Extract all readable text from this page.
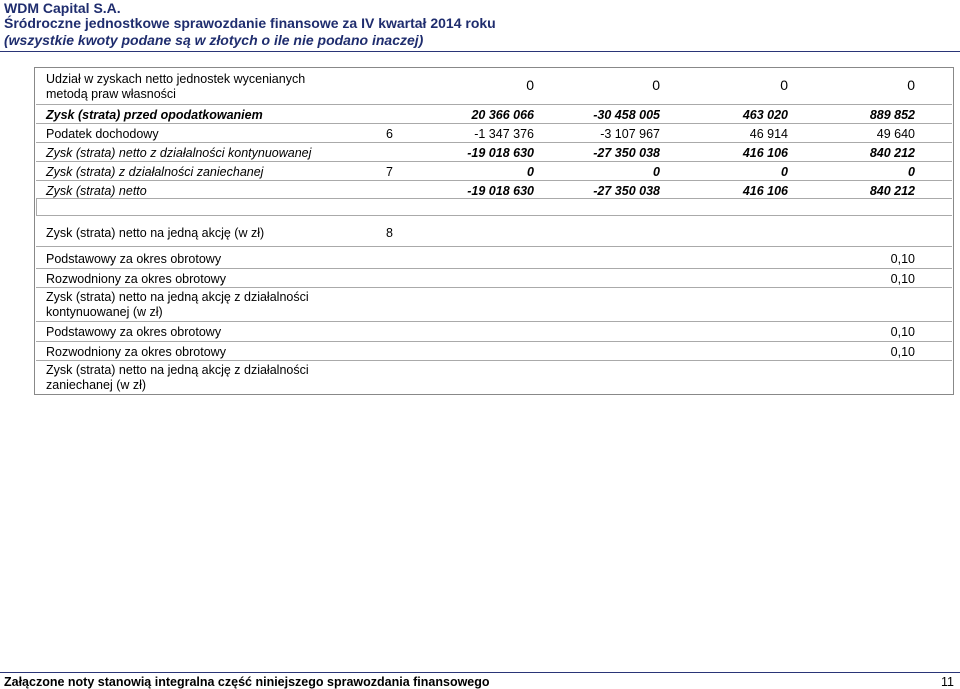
WDM Capital S.A.
Śródroczne jednostkowe sprawozdanie finansowe za IV kwartał 2014 roku
(wszystkie kwoty podane są w złotych o ile nie podano inaczej)
Udział w zyskach netto jednostek wycenianych
metodą praw własności
0	0	0	0
Zysk (strata) przed opodatkowaniem	20 366 066	-30 458 005	463 020	889 852
Podatek dochodowy	6	-1 347 376	-3 107 967	46 914	49 640
Zysk (strata) netto z działalności kontynuowanej	-19 018 630	-27 350 038	416 106	840 212
Zysk (strata) z działalności zaniechanej	7	0	0	0	0
Zysk (strata) netto	-19 018 630	-27 350 038	416 106	840 212
Zysk (strata) netto na jedną akcję (w zł)	8
Podstawowy za okres obrotowy	0,10
Rozwodniony za okres obrotowy	0,10
Zysk (strata) netto na jedną akcję z działalności
kontynuowanej (w zł)
Podstawowy za okres obrotowy	0,10
Rozwodniony za okres obrotowy	0,10
Zysk (strata) netto na jedną akcję z działalności
zaniechanej (w zł)
Załączone noty stanowią integralna część niniejszego sprawozdania finansowego	11
